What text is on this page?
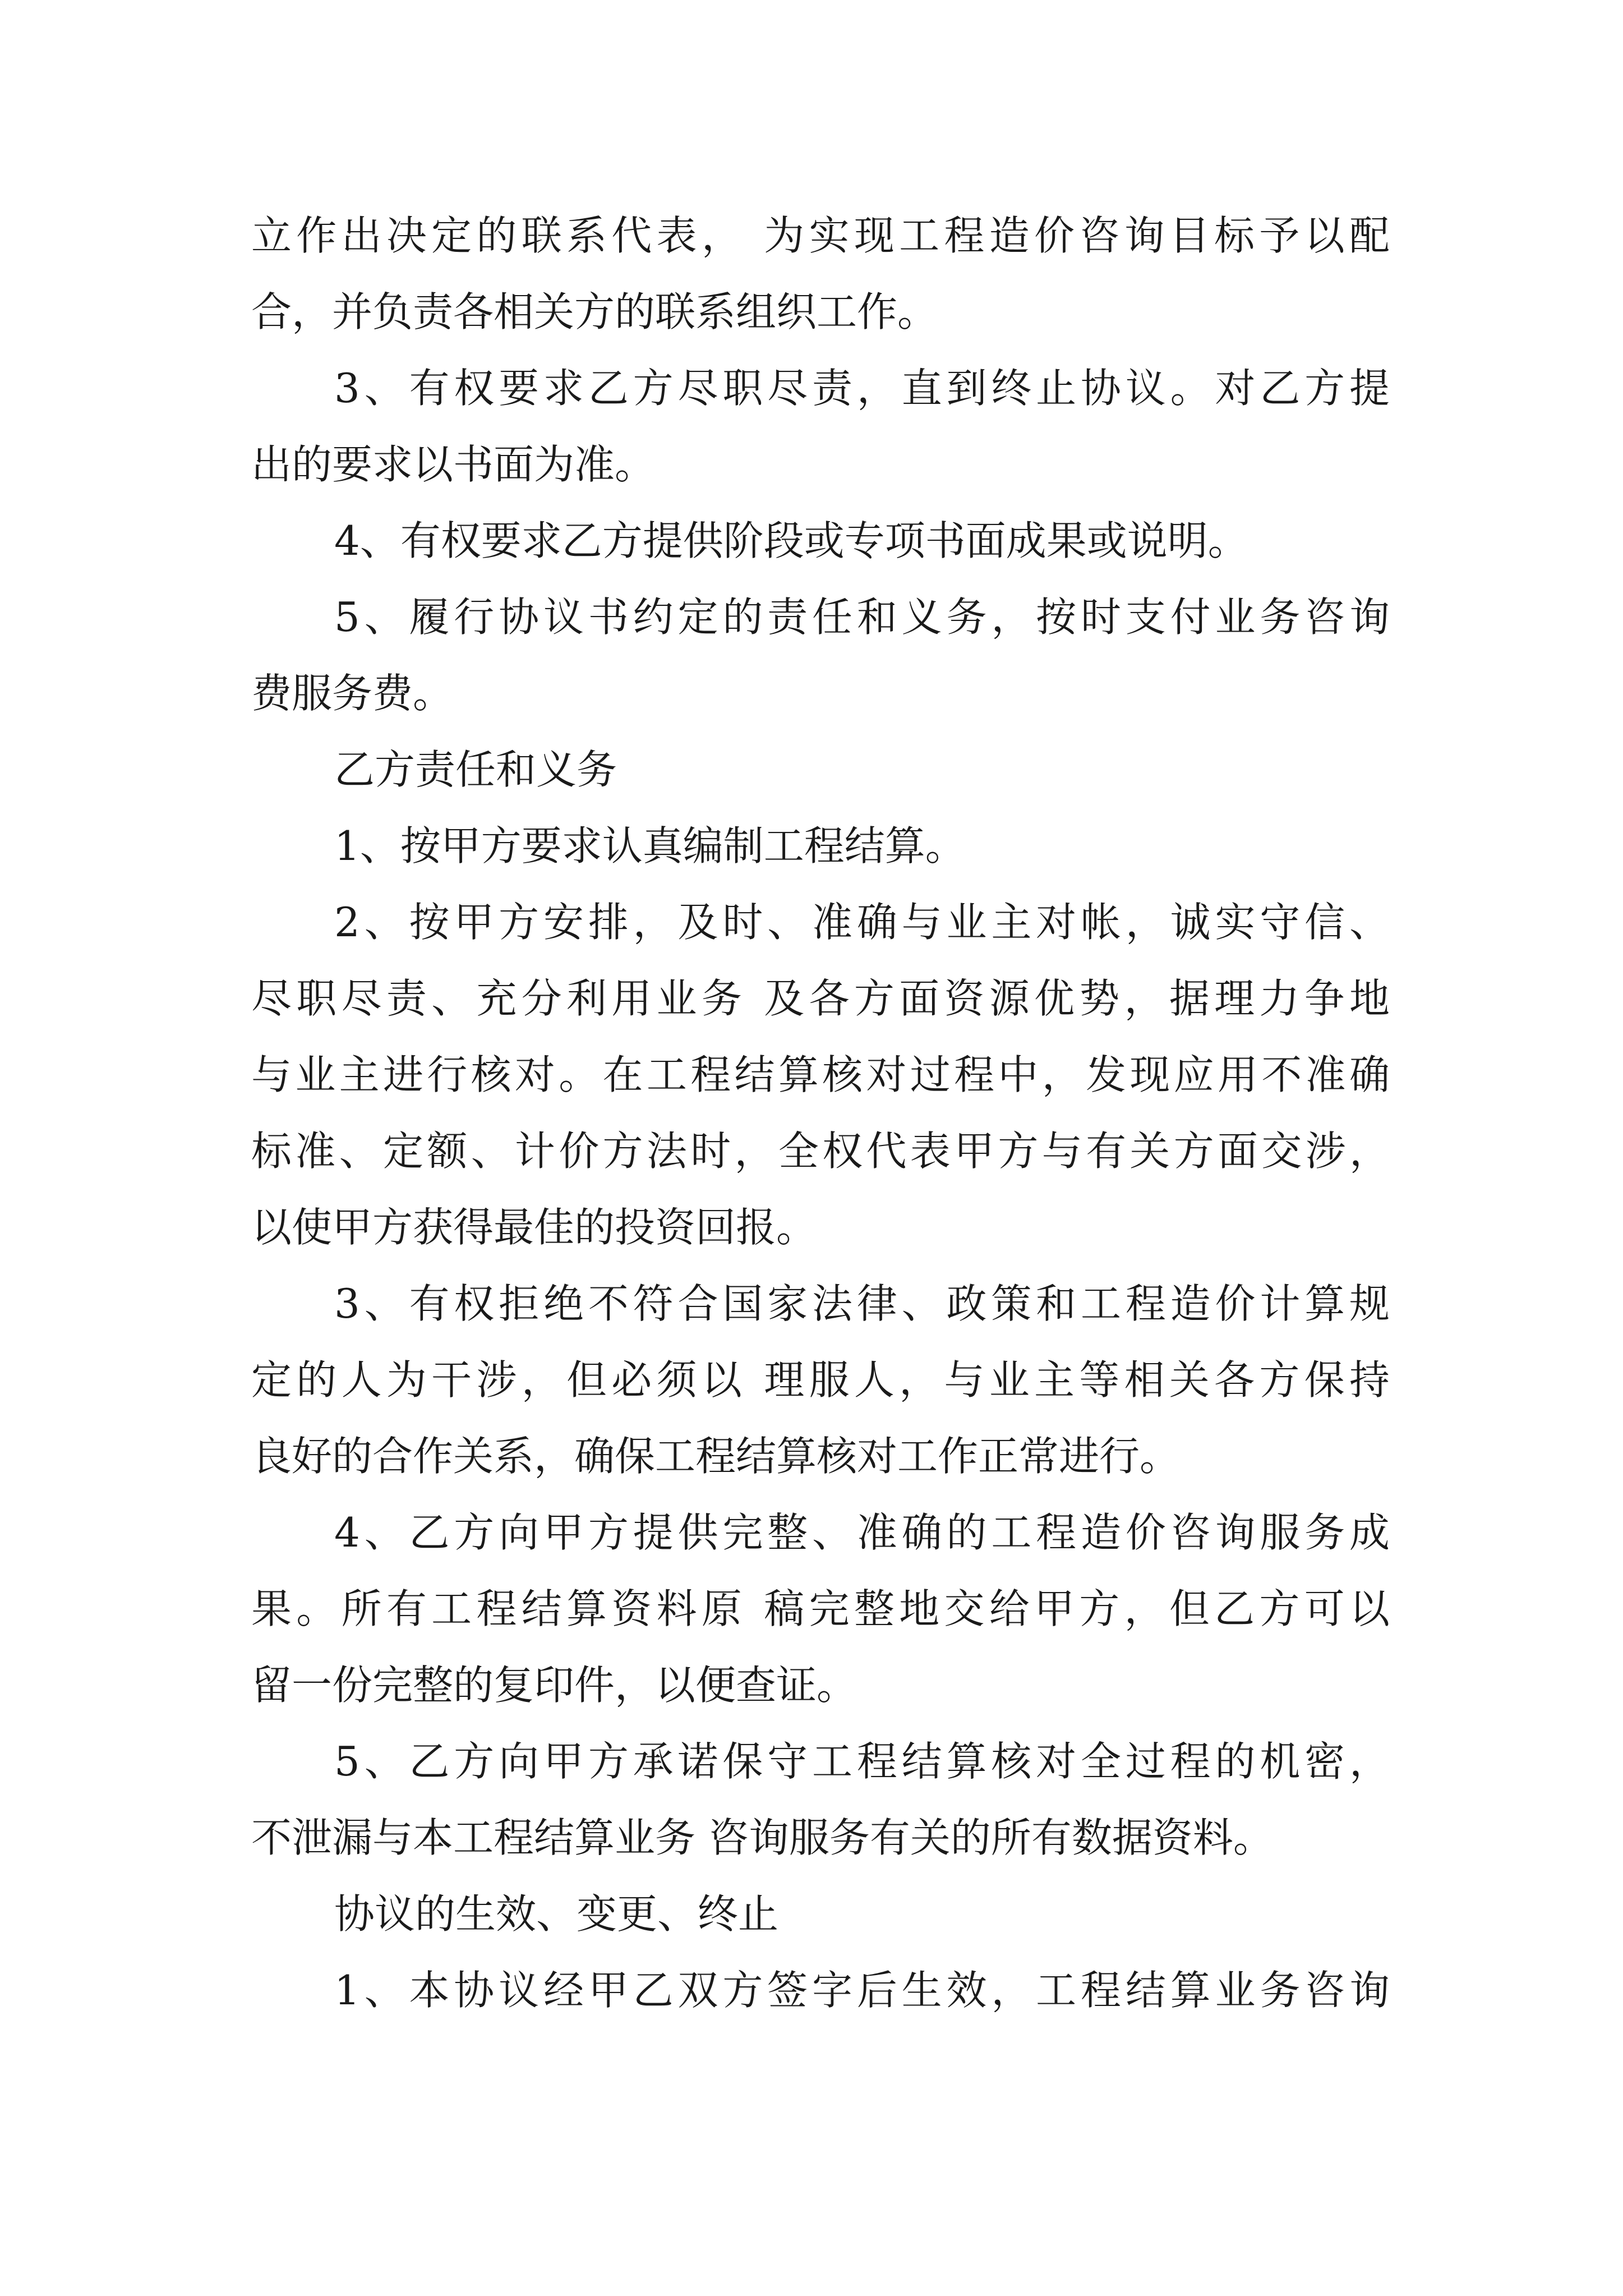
立作出决定的联系代表， 为实现工程造价咨询目标予以配
合，并负责各相关方的联系组织工作。
3、有权要求乙方尽职尽责，直到终止协议。对乙方提
出的要求以书面为准。
4、有权要求乙方提供阶段或专项书面成果或说明。
5、履行协议书约定的责任和义务，按时支付业务咨询
费服务费。
乙方责任和义务
1、按甲方要求认真编制工程结算。
2、按甲方安排，及时、准确与业主对帐，诚实守信、
尽职尽责、充分利用业务 及各方面资源优势，据理力争地
与业主进行核对。在工程结算核对过程中，发现应用不准确
标准、定额、计价方法时，全权代表甲方与有关方面交涉，
以使甲方获得最佳的投资回报。
3、有权拒绝不符合国家法律、政策和工程造价计算规
定的人为干涉，但必须以 理服人，与业主等相关各方保持
良好的合作关系，确保工程结算核对工作正常进行。
4、乙方向甲方提供完整、准确的工程造价咨询服务成
果。所有工程结算资料原 稿完整地交给甲方，但乙方可以
留一份完整的复印件，以便查证。
5、乙方向甲方承诺保守工程结算核对全过程的机密，
不泄漏与本工程结算业务 咨询服务有关的所有数据资料。
协议的生效、变更、终止
1、本协议经甲乙双方签字后生效，工程结算业务咨询
